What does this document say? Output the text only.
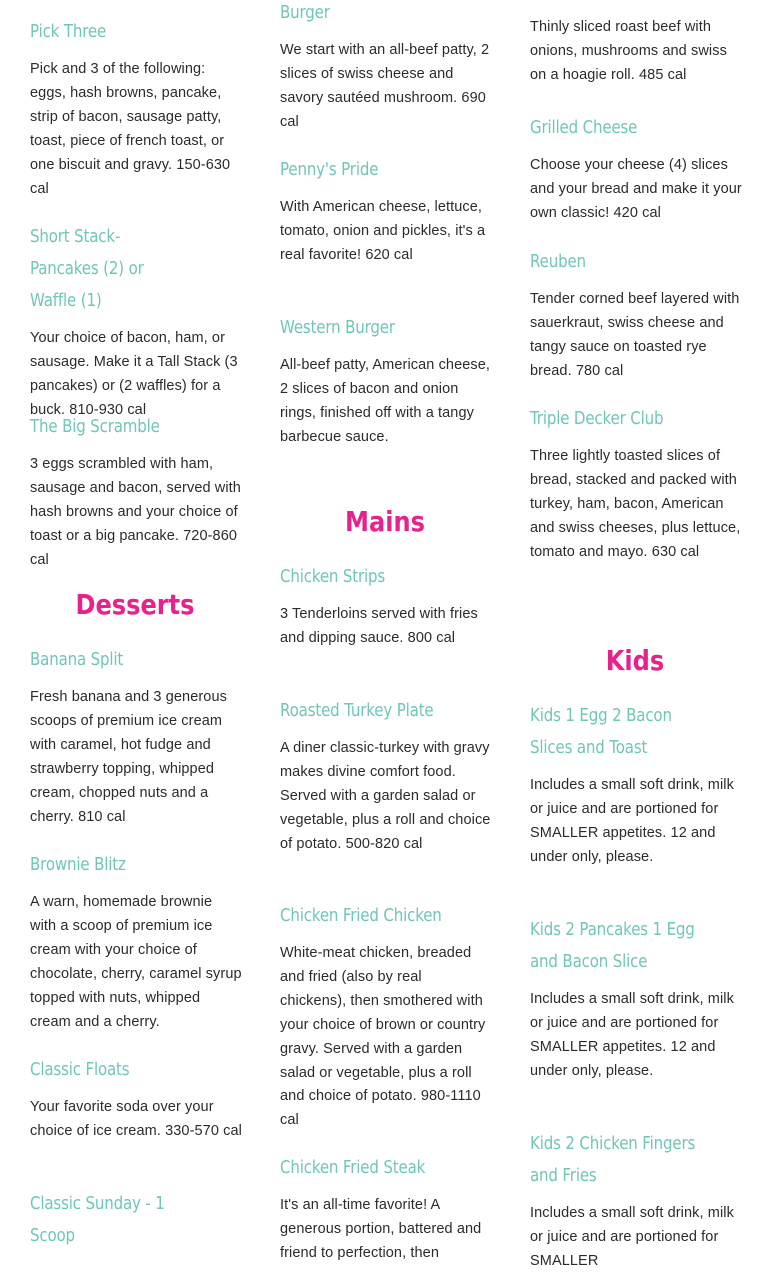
Pick Three
Pick and 3 of the following: eggs, hash browns, pancake, strip of bacon, sausage patty, toast, piece of french toast, or one biscuit and gravy. 150-630 cal
Short Stack-Pancakes (2) or Waffle (1)
Your choice of bacon, ham, or sausage. Make it a Tall Stack (3 pancakes) or (2 waffles) for a buck. 810-930 cal
The Big Scramble
3 eggs scrambled with ham, sausage and bacon, served with hash browns and your choice of toast or a big pancake. 720-860 cal
Desserts
Banana Split
Fresh banana and 3 generous scoops of premium ice cream with caramel, hot fudge and strawberry topping, whipped cream, chopped nuts and a cherry. 810 cal
Brownie Blitz
A warn, homemade brownie with a scoop of premium ice cream with your choice of chocolate, cherry, caramel syrup topped with nuts, whipped cream and a cherry.
Classic Floats
Your favorite soda over your choice of ice cream. 330-570 cal
Classic Sunday - 1 Scoop
Burger
We start with an all-beef patty, 2 slices of swiss cheese and savory sautéed mushroom. 690 cal
Penny's Pride
With American cheese, lettuce, tomato, onion and pickles, it's a real favorite! 620 cal
Western Burger
All-beef patty, American cheese, 2 slices of bacon and onion rings, finished off with a tangy barbecue sauce.
Mains
Chicken Strips
3 Tenderloins served with fries and dipping sauce. 800 cal
Roasted Turkey Plate
A diner classic-turkey with gravy makes divine comfort food. Served with a garden salad or vegetable, plus a roll and choice of potato. 500-820 cal
Chicken Fried Chicken
White-meat chicken, breaded and fried (also by real chickens), then smothered with your choice of brown or country gravy. Served with a garden salad or vegetable, plus a roll and choice of potato. 980-1110 cal
Chicken Fried Steak
It's an all-time favorite! A generous portion, battered and friend to perfection, then
Thinly sliced roast beef with onions, mushrooms and swiss on a hoagie roll. 485 cal
Grilled Cheese
Choose your cheese (4) slices and your bread and make it your own classic! 420 cal
Reuben
Tender corned beef layered with sauerkraut, swiss cheese and tangy sauce on toasted rye bread. 780 cal
Triple Decker Club
Three lightly toasted slices of bread, stacked and packed with turkey, ham, bacon, American and swiss cheeses, plus lettuce, tomato and mayo. 630 cal
Kids
Kids 1 Egg 2 Bacon Slices and Toast
Includes a small soft drink, milk or juice and are portioned for SMALLER appetites. 12 and under only, please.
Kids 2 Pancakes 1 Egg and Bacon Slice
Includes a small soft drink, milk or juice and are portioned for SMALLER appetites. 12 and under only, please.
Kids 2 Chicken Fingers and Fries
Includes a small soft drink, milk or juice and are portioned for SMALLER
